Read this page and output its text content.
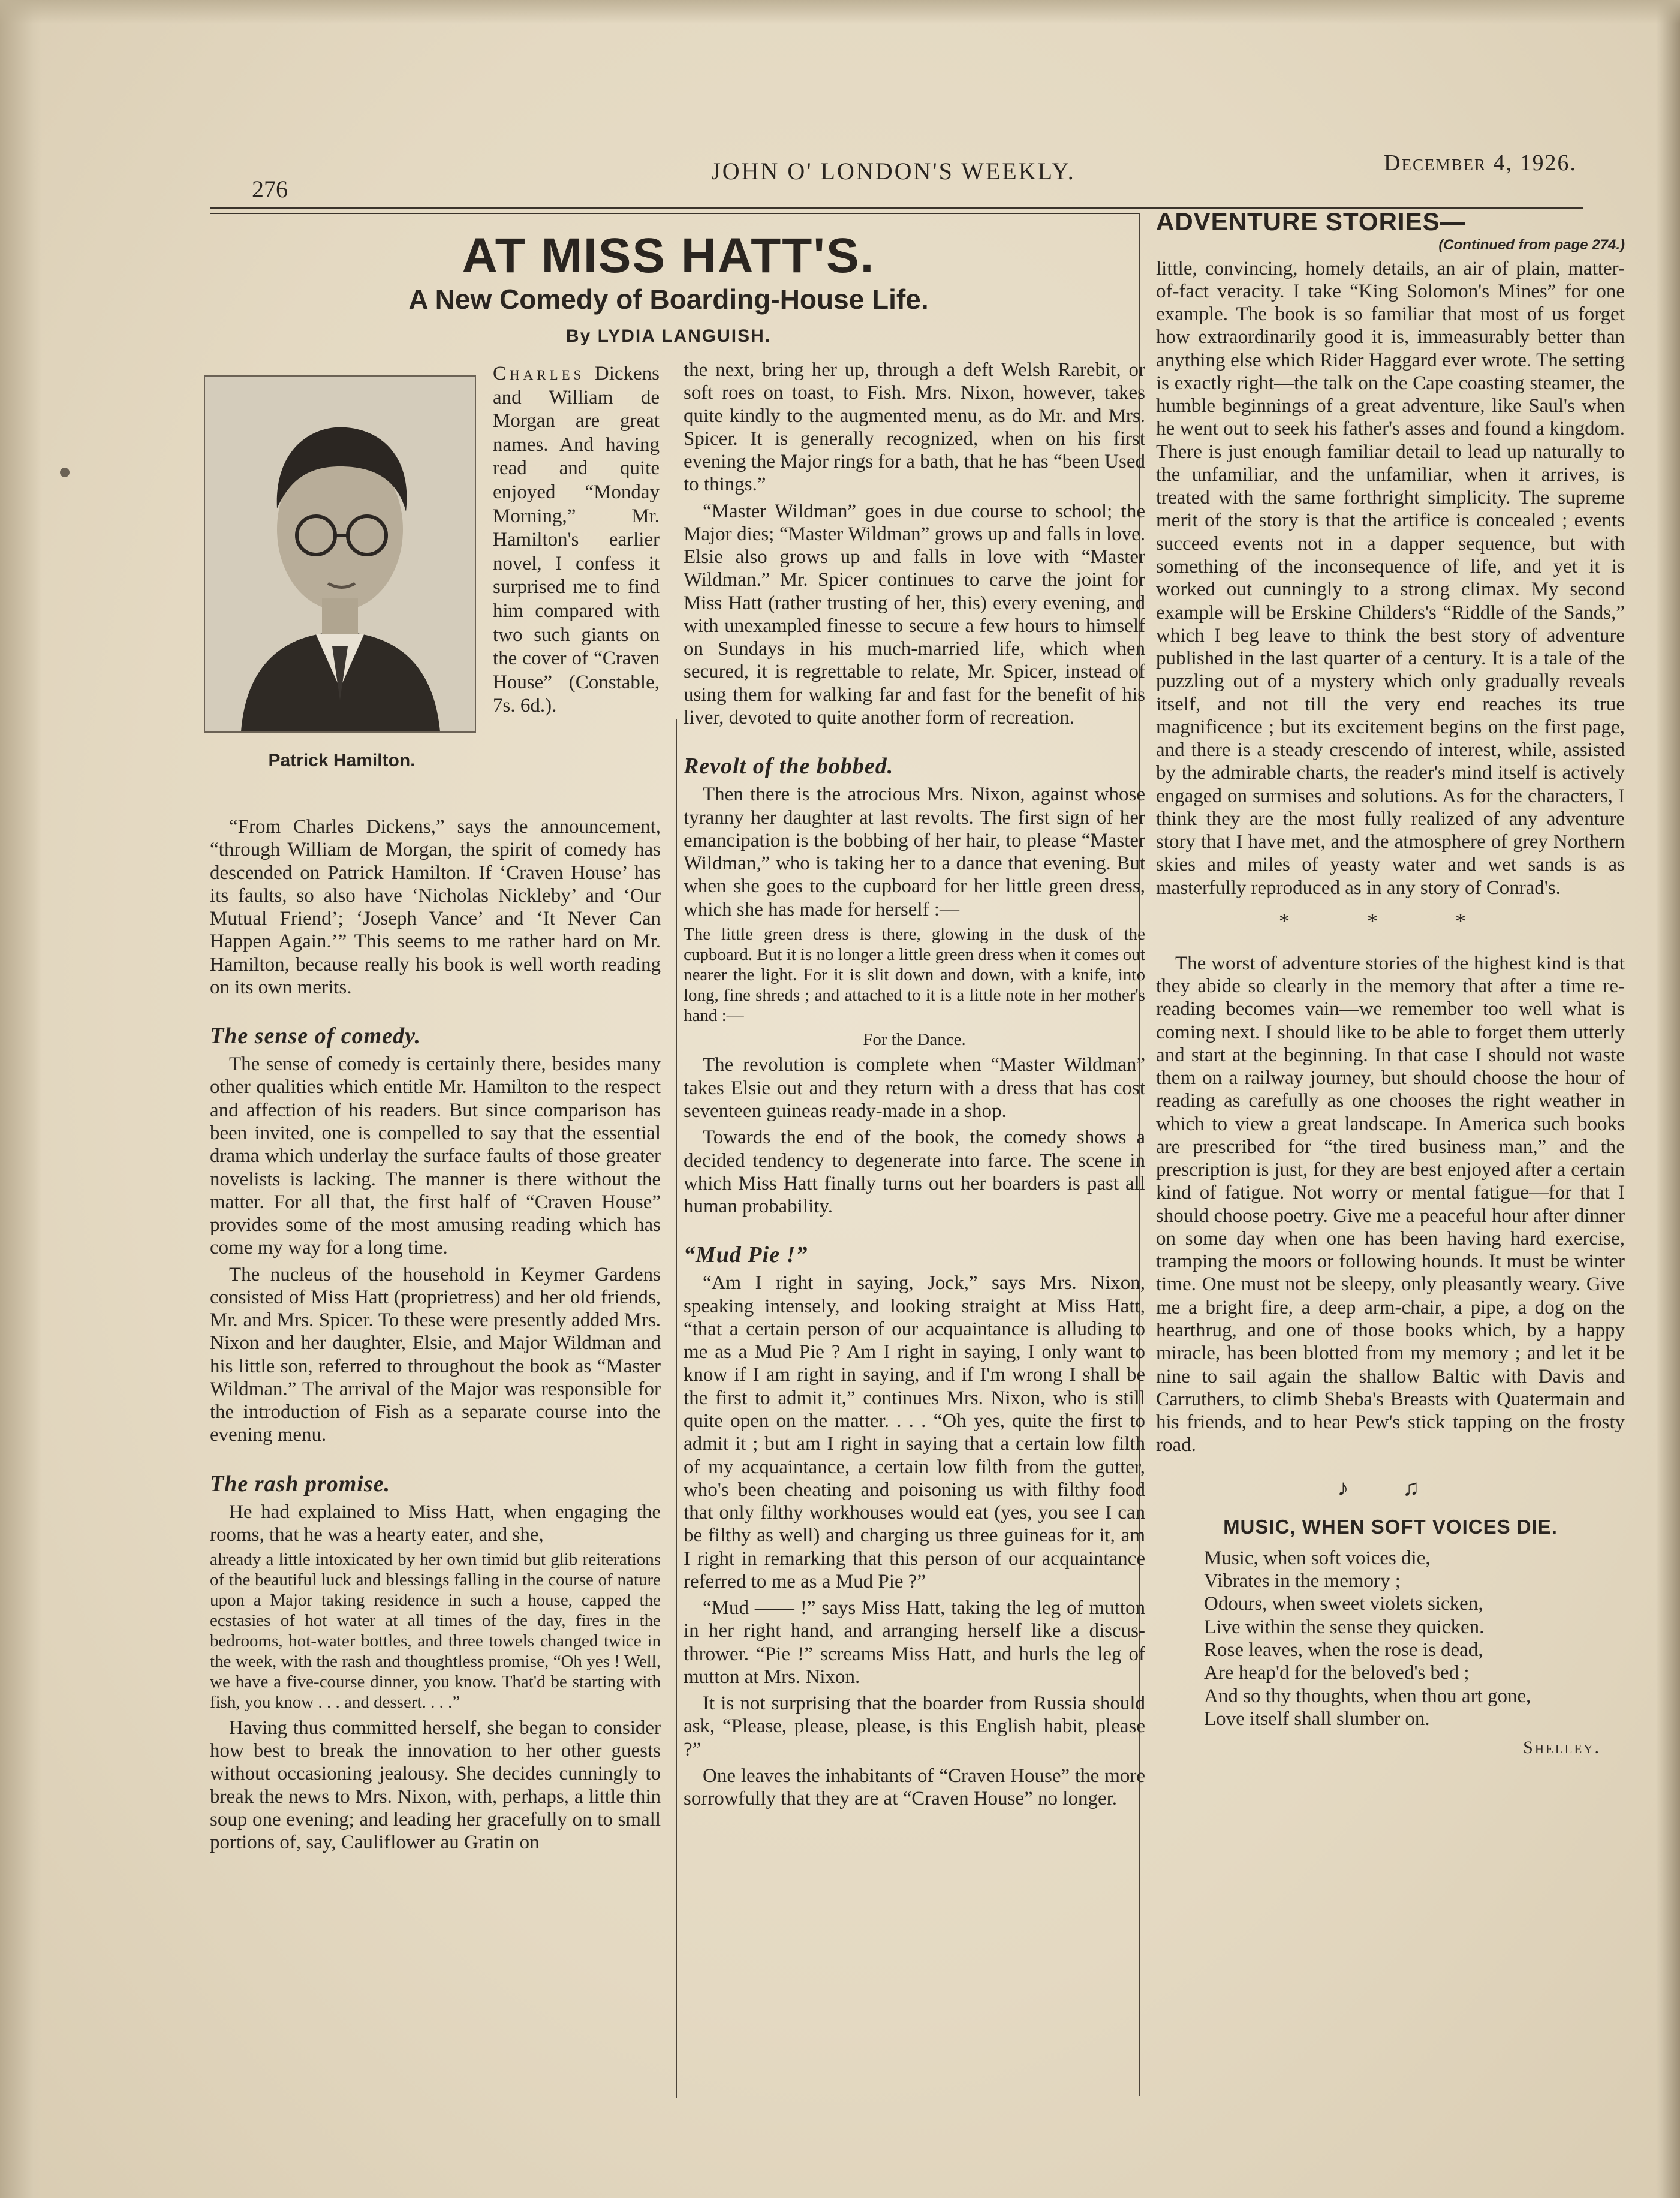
276
JOHN O' LONDON'S WEEKLY.	December 4, 1926.
AT MISS HATT'S.
A New Comedy of Boarding-House Life.
By LYDIA LANGUISH.
Patrick Hamilton.

Charles Dickens and William de Morgan are great names. And having read and quite enjoyed “Monday Morning,” Mr. Hamilton's earlier novel, I confess it surprised me to find him compared with two such giants on the cover of “Craven House” (Constable, 7s. 6d.).

“From Charles Dickens,” says the announcement, “through William de Morgan, the spirit of comedy has descended on Patrick Hamilton. If ‘Craven House’ has its faults, so also have ‘Nicholas Nickleby’ and ‘Our Mutual Friend’; ‘Joseph Vance’ and ‘It Never Can Happen Again.’” This seems to me rather hard on Mr. Hamilton, because really his book is well worth reading on its own merits.

The sense of comedy.

The sense of comedy is certainly there, besides many other qualities which entitle Mr. Hamilton to the respect and affection of his readers. But since comparison has been invited, one is compelled to say that the essential drama which underlay the surface faults of those greater novelists is lacking. The manner is there without the matter. For all that, the first half of “Craven House” provides some of the most amusing reading which has come my way for a long time.

The nucleus of the household in Keymer Gardens consisted of Miss Hatt (proprietress) and her old friends, Mr. and Mrs. Spicer. To these were presently added Mrs. Nixon and her daughter, Elsie, and Major Wildman and his little son, referred to throughout the book as “Master Wildman.” The arrival of the Major was responsible for the introduction of Fish as a separate course into the evening menu.

The rash promise.

He had explained to Miss Hatt, when engaging the rooms, that he was a hearty eater, and she,

already a little intoxicated by her own timid but glib reiterations of the beautiful luck and blessings falling in the course of nature upon a Major taking residence in such a house, capped the ecstasies of hot water at all times of the day, fires in the bedrooms, hot-water bottles, and three towels changed twice in the week, with the rash and thoughtless promise, “Oh yes ! Well, we have a five-course dinner, you know. That'd be starting with fish, you know . . . and dessert. . . .”

Having thus committed herself, she began to consider how best to break the innovation to her other guests without occasioning jealousy. She decides cunningly to break the news to Mrs. Nixon, with, perhaps, a little thin soup one evening; and leading her gracefully on to small portions of, say, Cauliflower au Gratin on

the next, bring her up, through a deft Welsh Rarebit, or soft roes on toast, to Fish. Mrs. Nixon, however, takes quite kindly to the augmented menu, as do Mr. and Mrs. Spicer. It is generally recognized, when on his first evening the Major rings for a bath, that he has “been Used to things.”

“Master Wildman” goes in due course to school; the Major dies; “Master Wildman” grows up and falls in love. Elsie also grows up and falls in love with “Master Wildman.” Mr. Spicer continues to carve the joint for Miss Hatt (rather trusting of her, this) every evening, and with unexampled finesse to secure a few hours to himself on Sundays in his much-married life, which when secured, it is regrettable to relate, Mr. Spicer, instead of using them for walking far and fast for the benefit of his liver, devoted to quite another form of recreation.

Revolt of the bobbed.

Then there is the atrocious Mrs. Nixon, against whose tyranny her daughter at last revolts. The first sign of her emancipation is the bobbing of her hair, to please “Master Wildman,” who is taking her to a dance that evening. But when she goes to the cupboard for her little green dress, which she has made for herself :—

The little green dress is there, glowing in the dusk of the cupboard. But it is no longer a little green dress when it comes out nearer the light. For it is slit down and down, with a knife, into long, fine shreds ; and attached to it is a little note in her mother's hand :—

For the Dance.

The revolution is complete when “Master Wildman” takes Elsie out and they return with a dress that has cost seventeen guineas ready-made in a shop.

Towards the end of the book, the comedy shows a decided tendency to degenerate into farce. The scene in which Miss Hatt finally turns out her boarders is past all human probability.

“Mud Pie !”

“Am I right in saying, Jock,” says Mrs. Nixon, speaking intensely, and looking straight at Miss Hatt, “that a certain person of our acquaintance is alluding to me as a Mud Pie ? Am I right in saying, I only want to know if I am right in saying, and if I'm wrong I shall be the first to admit it,” continues Mrs. Nixon, who is still quite open on the matter. . . . “Oh yes, quite the first to admit it ; but am I right in saying that a certain low filth of my acquaintance, a certain low filth from the gutter, who's been cheating and poisoning us with filthy food that only filthy workhouses would eat (yes, you see I can be filthy as well) and charging us three guineas for it, am I right in remarking that this person of our acquaintance referred to me as a Mud Pie ?”

“Mud —— !” says Miss Hatt, taking the leg of mutton in her right hand, and arranging herself like a discus-thrower. “Pie !” screams Miss Hatt, and hurls the leg of mutton at Mrs. Nixon.

It is not surprising that the boarder from Russia should ask, “Please, please, please, is this English habit, please ?”

One leaves the inhabitants of “Craven House” the more sorrowfully that they are at “Craven House” no longer.

ADVENTURE STORIES—
(Continued from page 274.)

little, convincing, homely details, an air of plain, matter-of-fact veracity. I take “King Solomon's Mines” for one example. The book is so familiar that most of us forget how extraordinarily good it is, immeasurably better than anything else which Rider Haggard ever wrote. The setting is exactly right—the talk on the Cape coasting steamer, the humble beginnings of a great adventure, like Saul's when he went out to seek his father's asses and found a kingdom. There is just enough familiar detail to lead up naturally to the unfamiliar, and the unfamiliar, when it arrives, is treated with the same forthright simplicity. The supreme merit of the story is that the artifice is concealed ; events succeed events not in a dapper sequence, but with something of the inconsequence of life, and yet it is worked out cunningly to a strong climax. My second example will be Erskine Childers's “Riddle of the Sands,” which I beg leave to think the best story of adventure published in the last quarter of a century. It is a tale of the puzzling out of a mystery which only gradually reveals itself, and not till the very end reaches its true magnificence ; but its excitement begins on the first page, and there is a steady crescendo of interest, while, assisted by the admirable charts, the reader's mind itself is actively engaged on surmises and solutions. As for the characters, I think they are the most fully realized of any adventure story that I have met, and the atmosphere of grey Northern skies and miles of yeasty water and wet sands is as masterfully reproduced as in any story of Conrad's.

* * *

The worst of adventure stories of the highest kind is that they abide so clearly in the memory that after a time re-reading becomes vain—we remember too well what is coming next. I should like to be able to forget them utterly and start at the beginning. In that case I should not waste them on a railway journey, but should choose the hour of reading as carefully as one chooses the right weather in which to view a great landscape. In America such books are prescribed for “the tired business man,” and the prescription is just, for they are best enjoyed after a certain kind of fatigue. Not worry or mental fatigue—for that I should choose poetry. Give me a peaceful hour after dinner on some day when one has been having hard exercise, tramping the moors or following hounds. It must be winter time. One must not be sleepy, only pleasantly weary. Give me a bright fire, a deep arm-chair, a pipe, a dog on the hearthrug, and one of those books which, by a happy miracle, has been blotted from my memory ; and let it be nine to sail again the shallow Baltic with Davis and Carruthers, to climb Sheba's Breasts with Quatermain and his friends, and to hear Pew's stick tapping on the frosty road.

♪ ♫
MUSIC, WHEN SOFT VOICES DIE.
Music, when soft voices die,
Vibrates in the memory ;
Odours, when sweet violets sicken,
Live within the sense they quicken.
Rose leaves, when the rose is dead,
Are heap'd for the beloved's bed ;
And so thy thoughts, when thou art gone,
Love itself shall slumber on.
Shelley.
